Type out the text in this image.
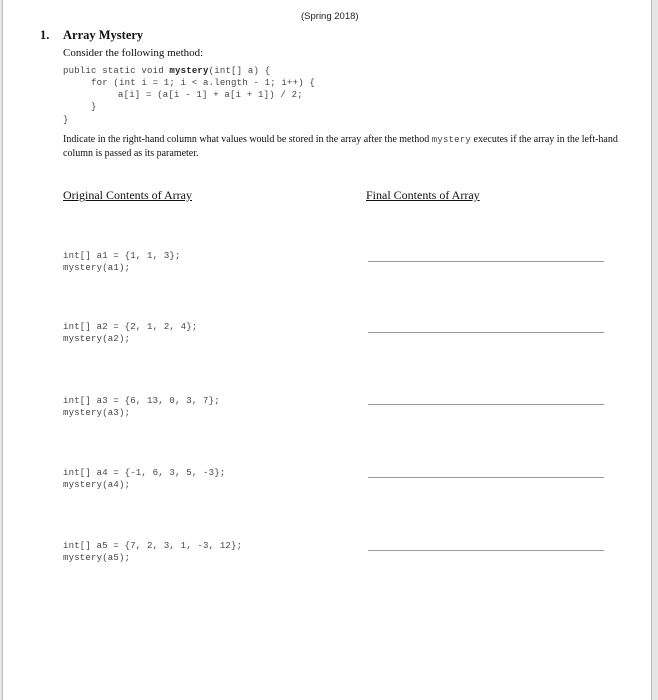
(Spring 2018)
1. Array Mystery
Consider the following method:
public static void mystery(int[] a) {
for (int i = 1; i < a.length - 1; i++) {
a[i] = (a[i - 1] + a[i + 1]) / 2;
}
}
Indicate in the right-hand column what values would be stored in the array after the method mystery executes if the array in the left-hand column is passed as its parameter.
Original Contents of Array	Final Contents of Array
int[] a1 = {1, 1, 3};
mystery(a1);
int[] a2 = {2, 1, 2, 4};
mystery(a2);
int[] a3 = {6, 13, 0, 3, 7};
mystery(a3);
int[] a4 = {-1, 6, 3, 5, -3};
mystery(a4);
int[] a5 = {7, 2, 3, 1, -3, 12};
mystery(a5);
